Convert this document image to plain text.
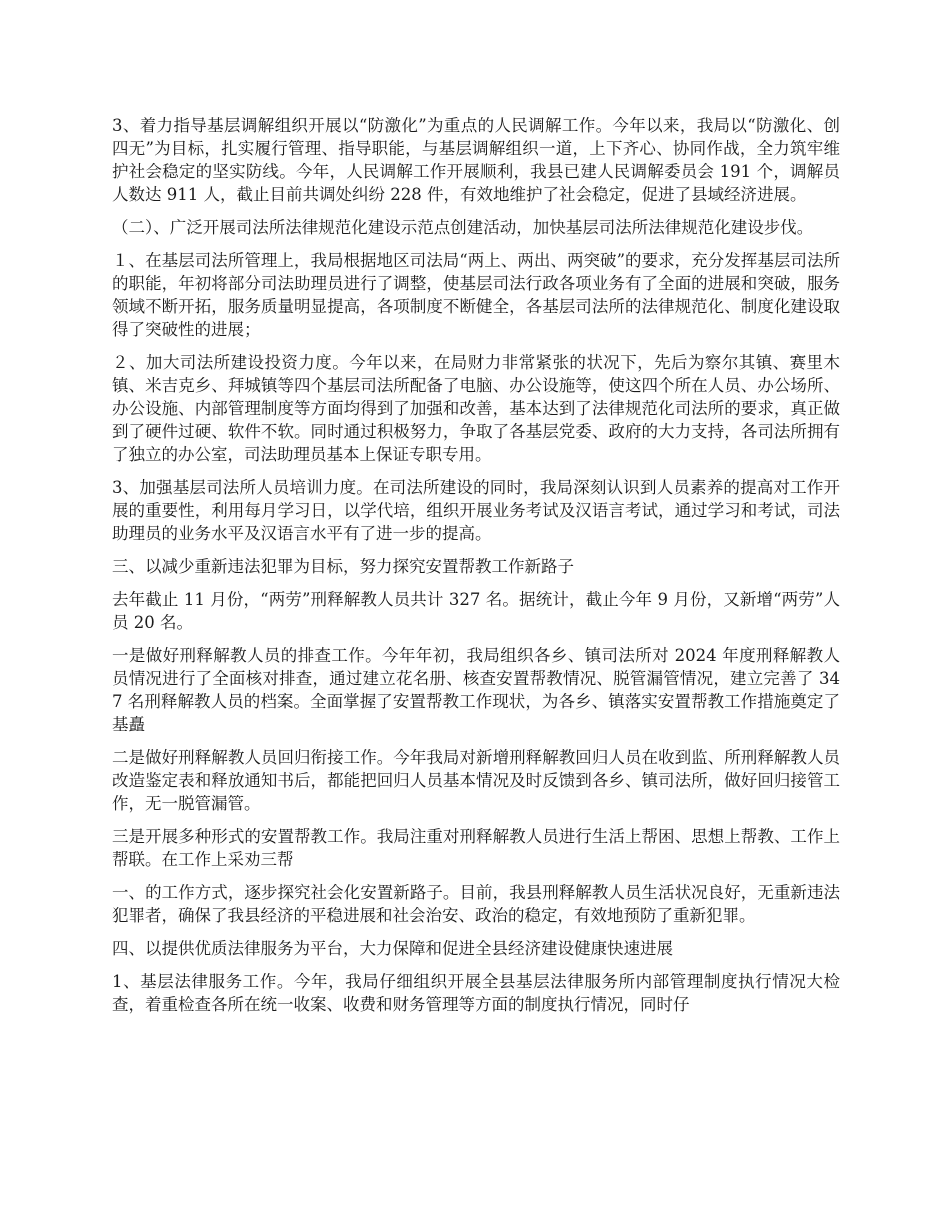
3、着力指导基层调解组织开展以“防激化”为重点的人民调解工作。今年以来，我局以“防激化、创四无”为目标，扎实履行管理、指导职能，与基层调解组织一道，上下齐心、协同作战，全力筑牢维护社会稳定的坚实防线。今年，人民调解工作开展顺利，我县已建人民调解委员会 191 个，调解员人数达 911 人，截止目前共调处纠纷 228 件，有效地维护了社会稳定，促进了县域经济进展。

（二）、广泛开展司法所法律规范化建设示范点创建活动，加快基层司法所法律规范化建设步伐。

１、在基层司法所管理上，我局根据地区司法局“两上、两出、两突破”的要求，充分发挥基层司法所的职能，年初将部分司法助理员进行了调整，使基层司法行政各项业务有了全面的进展和突破，服务领域不断开拓，服务质量明显提高，各项制度不断健全，各基层司法所的法律规范化、制度化建设取得了突破性的进展；

２、加大司法所建设投资力度。今年以来，在局财力非常紧张的状况下，先后为察尔其镇、赛里木镇、米吉克乡、拜城镇等四个基层司法所配备了电脑、办公设施等，使这四个所在人员、办公场所、办公设施、内部管理制度等方面均得到了加强和改善，基本达到了法律规范化司法所的要求，真正做到了硬件过硬、软件不软。同时通过积极努力，争取了各基层党委、政府的大力支持，各司法所拥有了独立的办公室，司法助理员基本上保证专职专用。

3、加强基层司法所人员培训力度。在司法所建设的同时，我局深刻认识到人员素养的提高对工作开展的重要性，利用每月学习日，以学代培，组织开展业务考试及汉语言考试，通过学习和考试，司法助理员的业务水平及汉语言水平有了进一步的提高。

三、以减少重新违法犯罪为目标，努力探究安置帮教工作新路子

去年截止 11 月份，“两劳”刑释解教人员共计 327 名。据统计，截止今年 9 月份，又新增“两劳”人员 20 名。

一是做好刑释解教人员的排查工作。今年年初，我局组织各乡、镇司法所对 2024 年度刑释解教人员情况进行了全面核对排查，通过建立花名册、核查安置帮教情况、脱管漏管情况，建立完善了 347 名刑释解教人员的档案。全面掌握了安置帮教工作现状，为各乡、镇落实安置帮教工作措施奠定了基矗

二是做好刑释解教人员回归衔接工作。今年我局对新增刑释解教回归人员在收到监、所刑释解教人员改造鉴定表和释放通知书后，都能把回归人员基本情况及时反馈到各乡、镇司法所，做好回归接管工作，无一脱管漏管。

三是开展多种形式的安置帮教工作。我局注重对刑释解教人员进行生活上帮困、思想上帮教、工作上帮联。在工作上采劝三帮

一、的工作方式，逐步探究社会化安置新路子。目前，我县刑释解教人员生活状况良好，无重新违法犯罪者，确保了我县经济的平稳进展和社会治安、政治的稳定，有效地预防了重新犯罪。

四、以提供优质法律服务为平台，大力保障和促进全县经济建设健康快速进展

1、基层法律服务工作。今年，我局仔细组织开展全县基层法律服务所内部管理制度执行情况大检查，着重检查各所在统一收案、收费和财务管理等方面的制度执行情况，同时仔
